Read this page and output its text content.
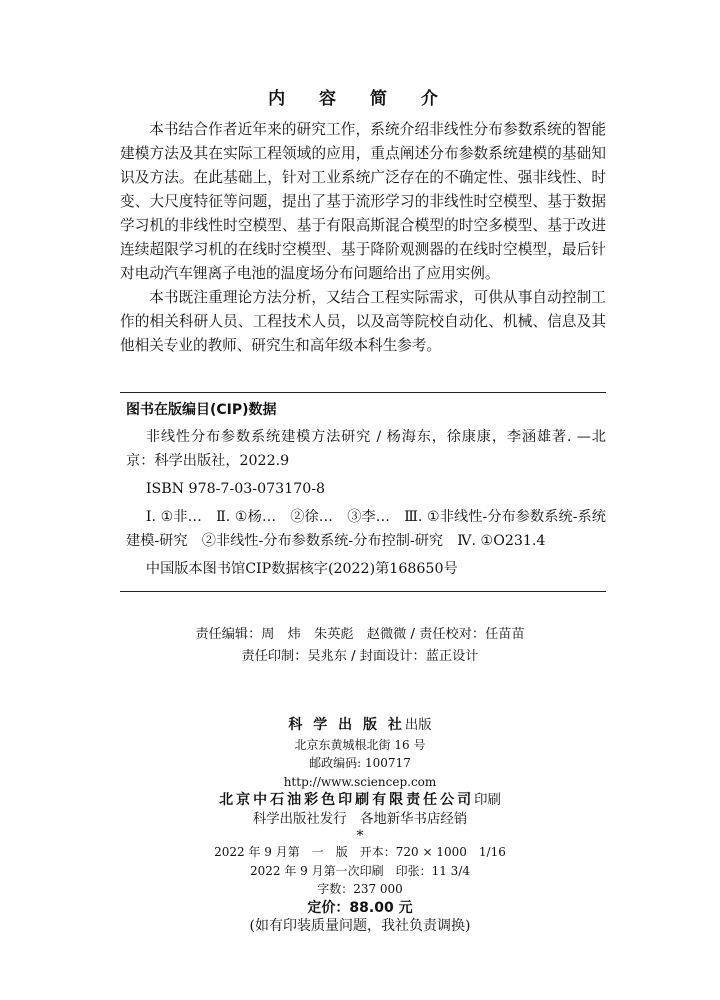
内 容 简 介

本书结合作者近年来的研究工作，系统介绍非线性分布参数系统的智能建模方法及其在实际工程领域的应用，重点阐述分布参数系统建模的基础知识及方法。在此基础上，针对工业系统广泛存在的不确定性、强非线性、时变、大尺度特征等问题，提出了基于流形学习的非线性时空模型、基于数据学习机的非线性时空模型、基于有限高斯混合模型的时空多模型、基于改进连续超限学习机的在线时空模型、基于降阶观测器的在线时空模型，最后针对电动汽车锂离子电池的温度场分布问题给出了应用实例。

本书既注重理论方法分析，又结合工程实际需求，可供从事自动控制工作的相关科研人员、工程技术人员，以及高等院校自动化、机械、信息及其他相关专业的教师、研究生和高年级本科生参考。

图书在版编目(CIP)数据
非线性分布参数系统建模方法研究 / 杨海东，徐康康，李涵雄著. —北京：科学出版社，2022.9
ISBN 978-7-03-073170-8
Ⅰ. ①非…　Ⅱ. ①杨…　②徐…　③李…　Ⅲ. ①非线性-分布参数系统-系统建模-研究　②非线性-分布参数系统-分布控制-研究　Ⅳ. ①O231.4
中国版本图书馆CIP数据核字(2022)第168650号
责任编辑：周　炜　朱英彪　赵微微 / 责任校对：任苗苗
责任印制：吴兆东 / 封面设计：蓝正设计
科 学 出 版 社出版
北京东黄城根北街 16 号
邮政编码: 100717
http://www.sciencep.com
北京中石油彩色印刷有限责任公司印刷
科学出版社发行　各地新华书店经销
*
2022 年 9 月第　一　版　开本：720 × 1000　1/16
2022 年 9 月第一次印刷　印张：11 3/4
字数：237 000
定价：88.00 元
(如有印装质量问题，我社负责调换)
